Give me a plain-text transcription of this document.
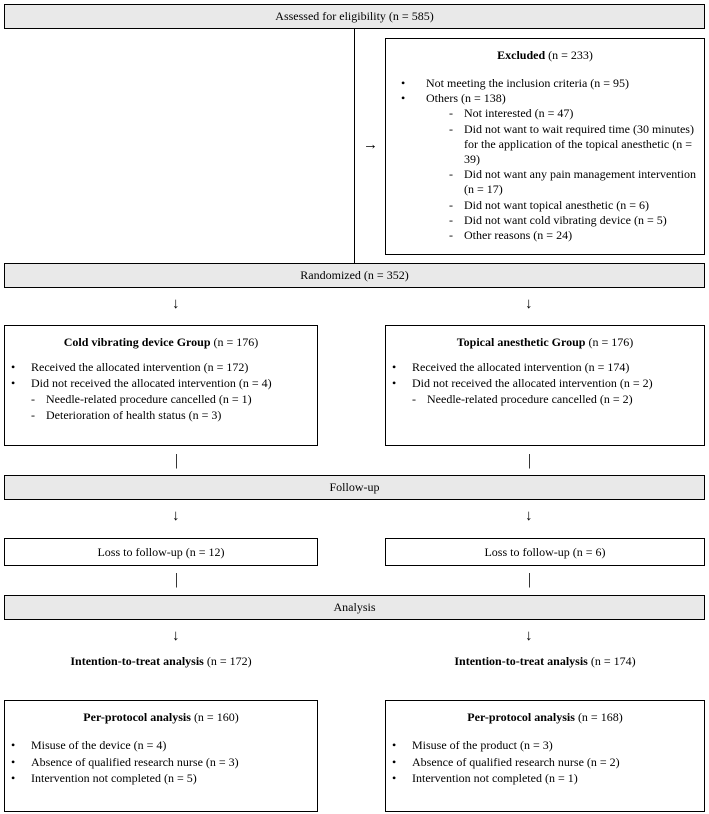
Assessed for eligibility (n = 585)
→
Excluded (n = 233)
•	Not meeting the inclusion criteria (n = 95)
•	Others (n = 138)
- Not interested (n = 47)
- Did not want to wait required time (30 minutes) for the application of the topical anesthetic (n = 39)
- Did not want any pain management intervention (n = 17)
- Did not want topical anesthetic (n = 6)
- Did not want cold vibrating device (n = 5)
- Other reasons (n = 24)
Randomized (n = 352)
↓	↓
Cold vibrating device Group (n = 176)
•	Received the allocated intervention (n = 172)
•	Did not received the allocated intervention (n = 4)
- Needle-related procedure cancelled (n = 1)
- Deterioration of health status (n = 3)
Topical anesthetic Group (n = 176)
•	Received the allocated intervention (n = 174)
•	Did not received the allocated intervention (n = 2)
- Needle-related procedure cancelled (n = 2)
|	|
Follow-up
↓	↓
Loss to follow-up (n = 12)	Loss to follow-up (n = 6)
|	|
Analysis
↓	↓
Intention-to-treat analysis (n = 172)	Intention-to-treat analysis (n = 174)
Per-protocol analysis (n = 160)
•	Misuse of the device (n = 4)
•	Absence of qualified research nurse (n = 3)
•	Intervention not completed (n = 5)
Per-protocol analysis (n = 168)
•	Misuse of the product (n = 3)
•	Absence of qualified research nurse (n = 2)
•	Intervention not completed (n = 1)
